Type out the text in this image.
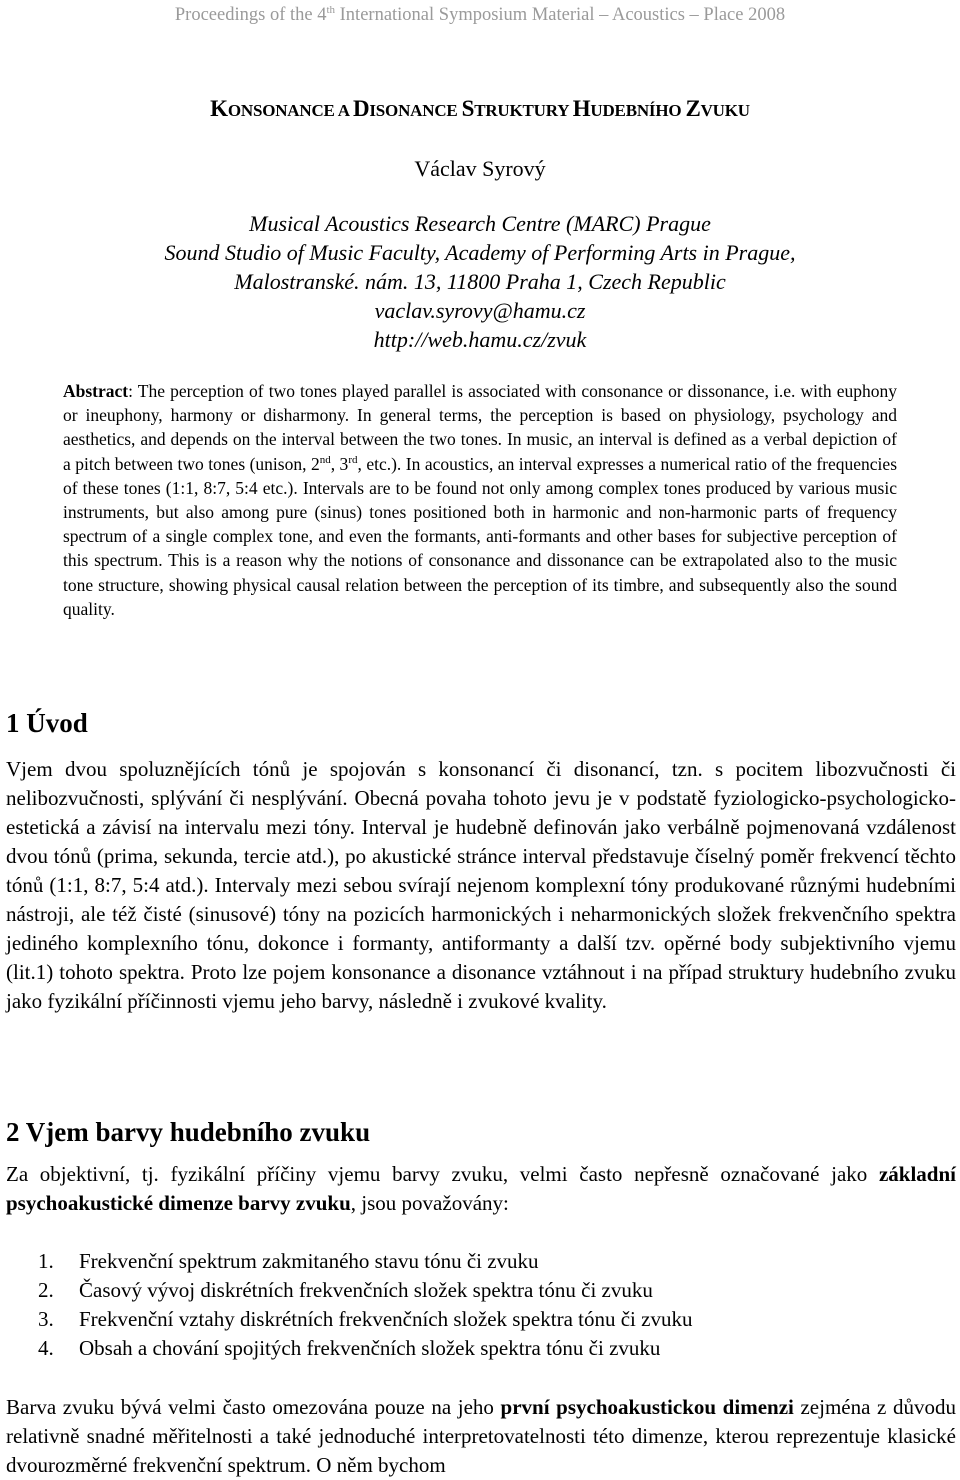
Proceedings of the 4th International Symposium Material – Acoustics – Place 2008
KONSONANCE A DISONANCE STRUKTURY HUDEBNÍHO ZVUKU
Václav Syrový
Musical Acoustics Research Centre (MARC) Prague
Sound Studio of Music Faculty, Academy of Performing Arts in Prague,
Malostranské. nám. 13, 11800 Praha 1, Czech Republic
vaclav.syrovy@hamu.cz
http://web.hamu.cz/zvuk
Abstract: The perception of two tones played parallel is associated with consonance or dissonance, i.e. with euphony or ineuphony, harmony or disharmony. In general terms, the perception is based on physiology, psychology and aesthetics, and depends on the interval between the two tones. In music, an interval is defined as a verbal depiction of a pitch between two tones (unison, 2nd, 3rd, etc.). In acoustics, an interval expresses a numerical ratio of the frequencies of these tones (1:1, 8:7, 5:4 etc.). Intervals are to be found not only among complex tones produced by various music instruments, but also among pure (sinus) tones positioned both in harmonic and non-harmonic parts of frequency spectrum of a single complex tone, and even the formants, anti-formants and other bases for subjective perception of this spectrum. This is a reason why the notions of consonance and dissonance can be extrapolated also to the music tone structure, showing physical causal relation between the perception of its timbre, and subsequently also the sound quality.
1 Úvod
Vjem dvou spoluznějících tónů je spojován s konsonancí či disonancí, tzn. s pocitem libozvučnosti či nelibozvučnosti, splývání či nesplývání. Obecná povaha tohoto jevu je v podstatě fyziologicko-psychologicko-estetická a závisí na intervalu mezi tóny. Interval je hudebně definován jako verbálně pojmenovaná vzdálenost dvou tónů (prima, sekunda, tercie atd.), po akustické stránce interval představuje číselný poměr frekvencí těchto tónů (1:1, 8:7, 5:4 atd.). Intervaly mezi sebou svírají nejenom komplexní tóny produkované různými hudebními nástroji, ale též čisté (sinusové) tóny na pozicích harmonických i neharmonických složek frekvenčního spektra jediného komplexního tónu, dokonce i formanty, antiformanty a další tzv. opěrné body subjektivního vjemu (lit.1) tohoto spektra. Proto lze pojem konsonance a disonance vztáhnout i na případ struktury hudebního zvuku jako fyzikální příčinnosti vjemu jeho barvy, následně i zvukové kvality.
2 Vjem barvy hudebního zvuku
Za objektivní, tj. fyzikální příčiny vjemu barvy zvuku, velmi často nepřesně označované jako základní psychoakustické dimenze barvy zvuku, jsou považovány:
1. Frekvenční spektrum zakmitaného stavu tónu či zvuku
2. Časový vývoj diskrétních frekvenčních složek spektra tónu či zvuku
3. Frekvenční vztahy diskrétních frekvenčních složek spektra tónu či zvuku
4. Obsah a chování spojitých frekvenčních složek spektra tónu či zvuku
Barva zvuku bývá velmi často omezována pouze na jeho první psychoakustickou dimenzi zejména z důvodu relativně snadné měřitelnosti a také jednoduché interpretovatelnosti této dimenze, kterou reprezentuje klasické dvourozměrné frekvenční spektrum. O něm bychom
